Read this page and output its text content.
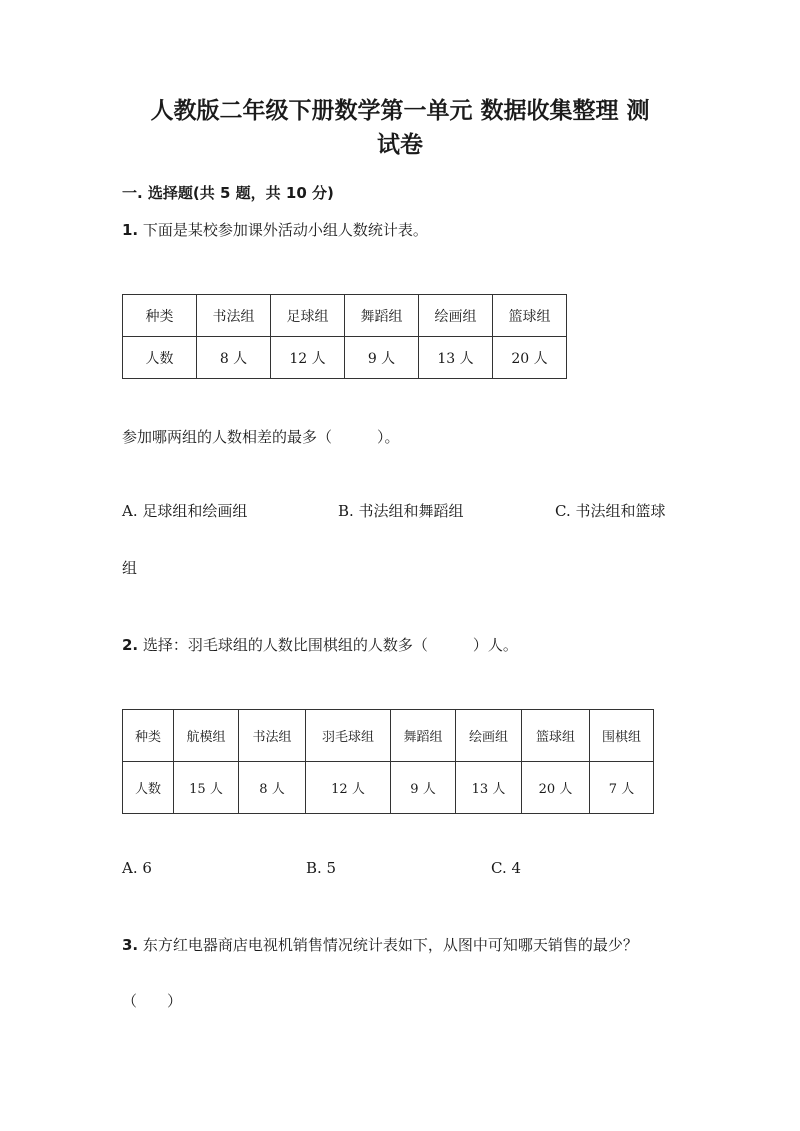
人教版二年级下册数学第一单元 数据收集整理 测
试卷
一. 选择题(共 5 题，共 10 分)
1. 下面是某校参加课外活动小组人数统计表。
种类	书法组	足球组	舞蹈组	绘画组	篮球组
人数	8 人	12 人	9 人	13 人	20 人
参加哪两组的人数相差的最多（　　　）。
A. 足球组和绘画组	B. 书法组和舞蹈组	C. 书法组和篮球
组
2. 选择：羽毛球组的人数比围棋组的人数多（　　　）人。
种类	航模组	书法组	羽毛球组	舞蹈组	绘画组	篮球组	围棋组
人数	15 人	8 人	12 人	9 人	13 人	20 人	7 人
A. 6	B. 5	C. 4
3. 东方红电器商店电视机销售情况统计表如下，从图中可知哪天销售的最少？
（　　）
